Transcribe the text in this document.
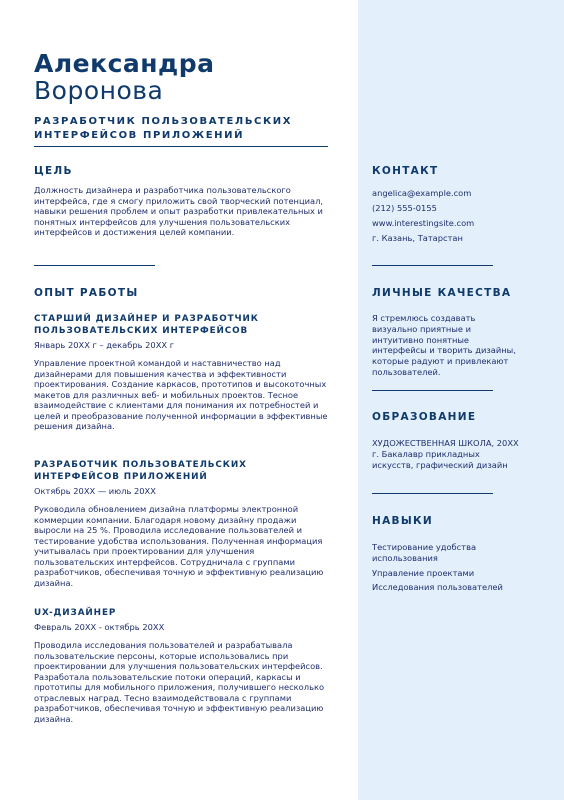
Александра
Воронова
РАЗРАБОТЧИК ПОЛЬЗОВАТЕЛЬСКИХ ИНТЕРФЕЙСОВ ПРИЛОЖЕНИЙ
ЦЕЛЬ
Должность дизайнера и разработчика пользовательского интерфейса, где я смогу приложить свой творческий потенциал, навыки решения проблем и опыт разработки привлекательных и понятных интерфейсов для улучшения пользовательских интерфейсов и достижения целей компании.
ОПЫТ РАБОТЫ
СТАРШИЙ ДИЗАЙНЕР И РАЗРАБОТЧИК ПОЛЬЗОВАТЕЛЬСКИХ ИНТЕРФЕЙСОВ
Январь 20XX г – декабрь 20XX г
Управление проектной командой и наставничество над дизайнерами для повышения качества и эффективности проектирования. Создание каркасов, прототипов и высокоточных макетов для различных веб- и мобильных проектов. Тесное взаимодействие с клиентами для понимания их потребностей и целей и преобразование полученной информации в эффективные решения дизайна.
РАЗРАБОТЧИК ПОЛЬЗОВАТЕЛЬСКИХ ИНТЕРФЕЙСОВ ПРИЛОЖЕНИЙ
Октябрь 20XX — июль 20XX
Руководила обновлением дизайна платформы электронной коммерции компании. Благодаря новому дизайну продажи выросли на 25 %. Проводила исследование пользователей и тестирование удобства использования. Полученная информация учитывалась при проектировании для улучшения пользовательских интерфейсов. Сотрудничала с группами разработчиков, обеспечивая точную и эффективную реализацию дизайна.
UX-ДИЗАЙНЕР
Февраль 20XX - октябрь 20XX
Проводила исследования пользователей и разрабатывала пользовательские персоны, которые использовались при проектировании для улучшения пользовательских интерфейсов. Разработала пользовательские потоки операций, каркасы и прототипы для мобильного приложения, получившего несколько отраслевых наград. Тесно взаимодействовала с группами разработчиков, обеспечивая точную и эффективную реализацию дизайна.
КОНТАКТ
angelica@example.com
(212) 555-0155
www.interestingsite.com
г. Казань, Татарстан
ЛИЧНЫЕ КАЧЕСТВА
Я стремлюсь создавать визуально приятные и интуитивно понятные интерфейсы и творить дизайны, которые радуют и привлекают пользователей.
ОБРАЗОВАНИЕ
ХУДОЖЕСТВЕННАЯ ШКОЛА, 20XX г. Бакалавр прикладных искусств, графический дизайн
НАВЫКИ
Тестирование удобства использования
Управление проектами
Исследования пользователей
